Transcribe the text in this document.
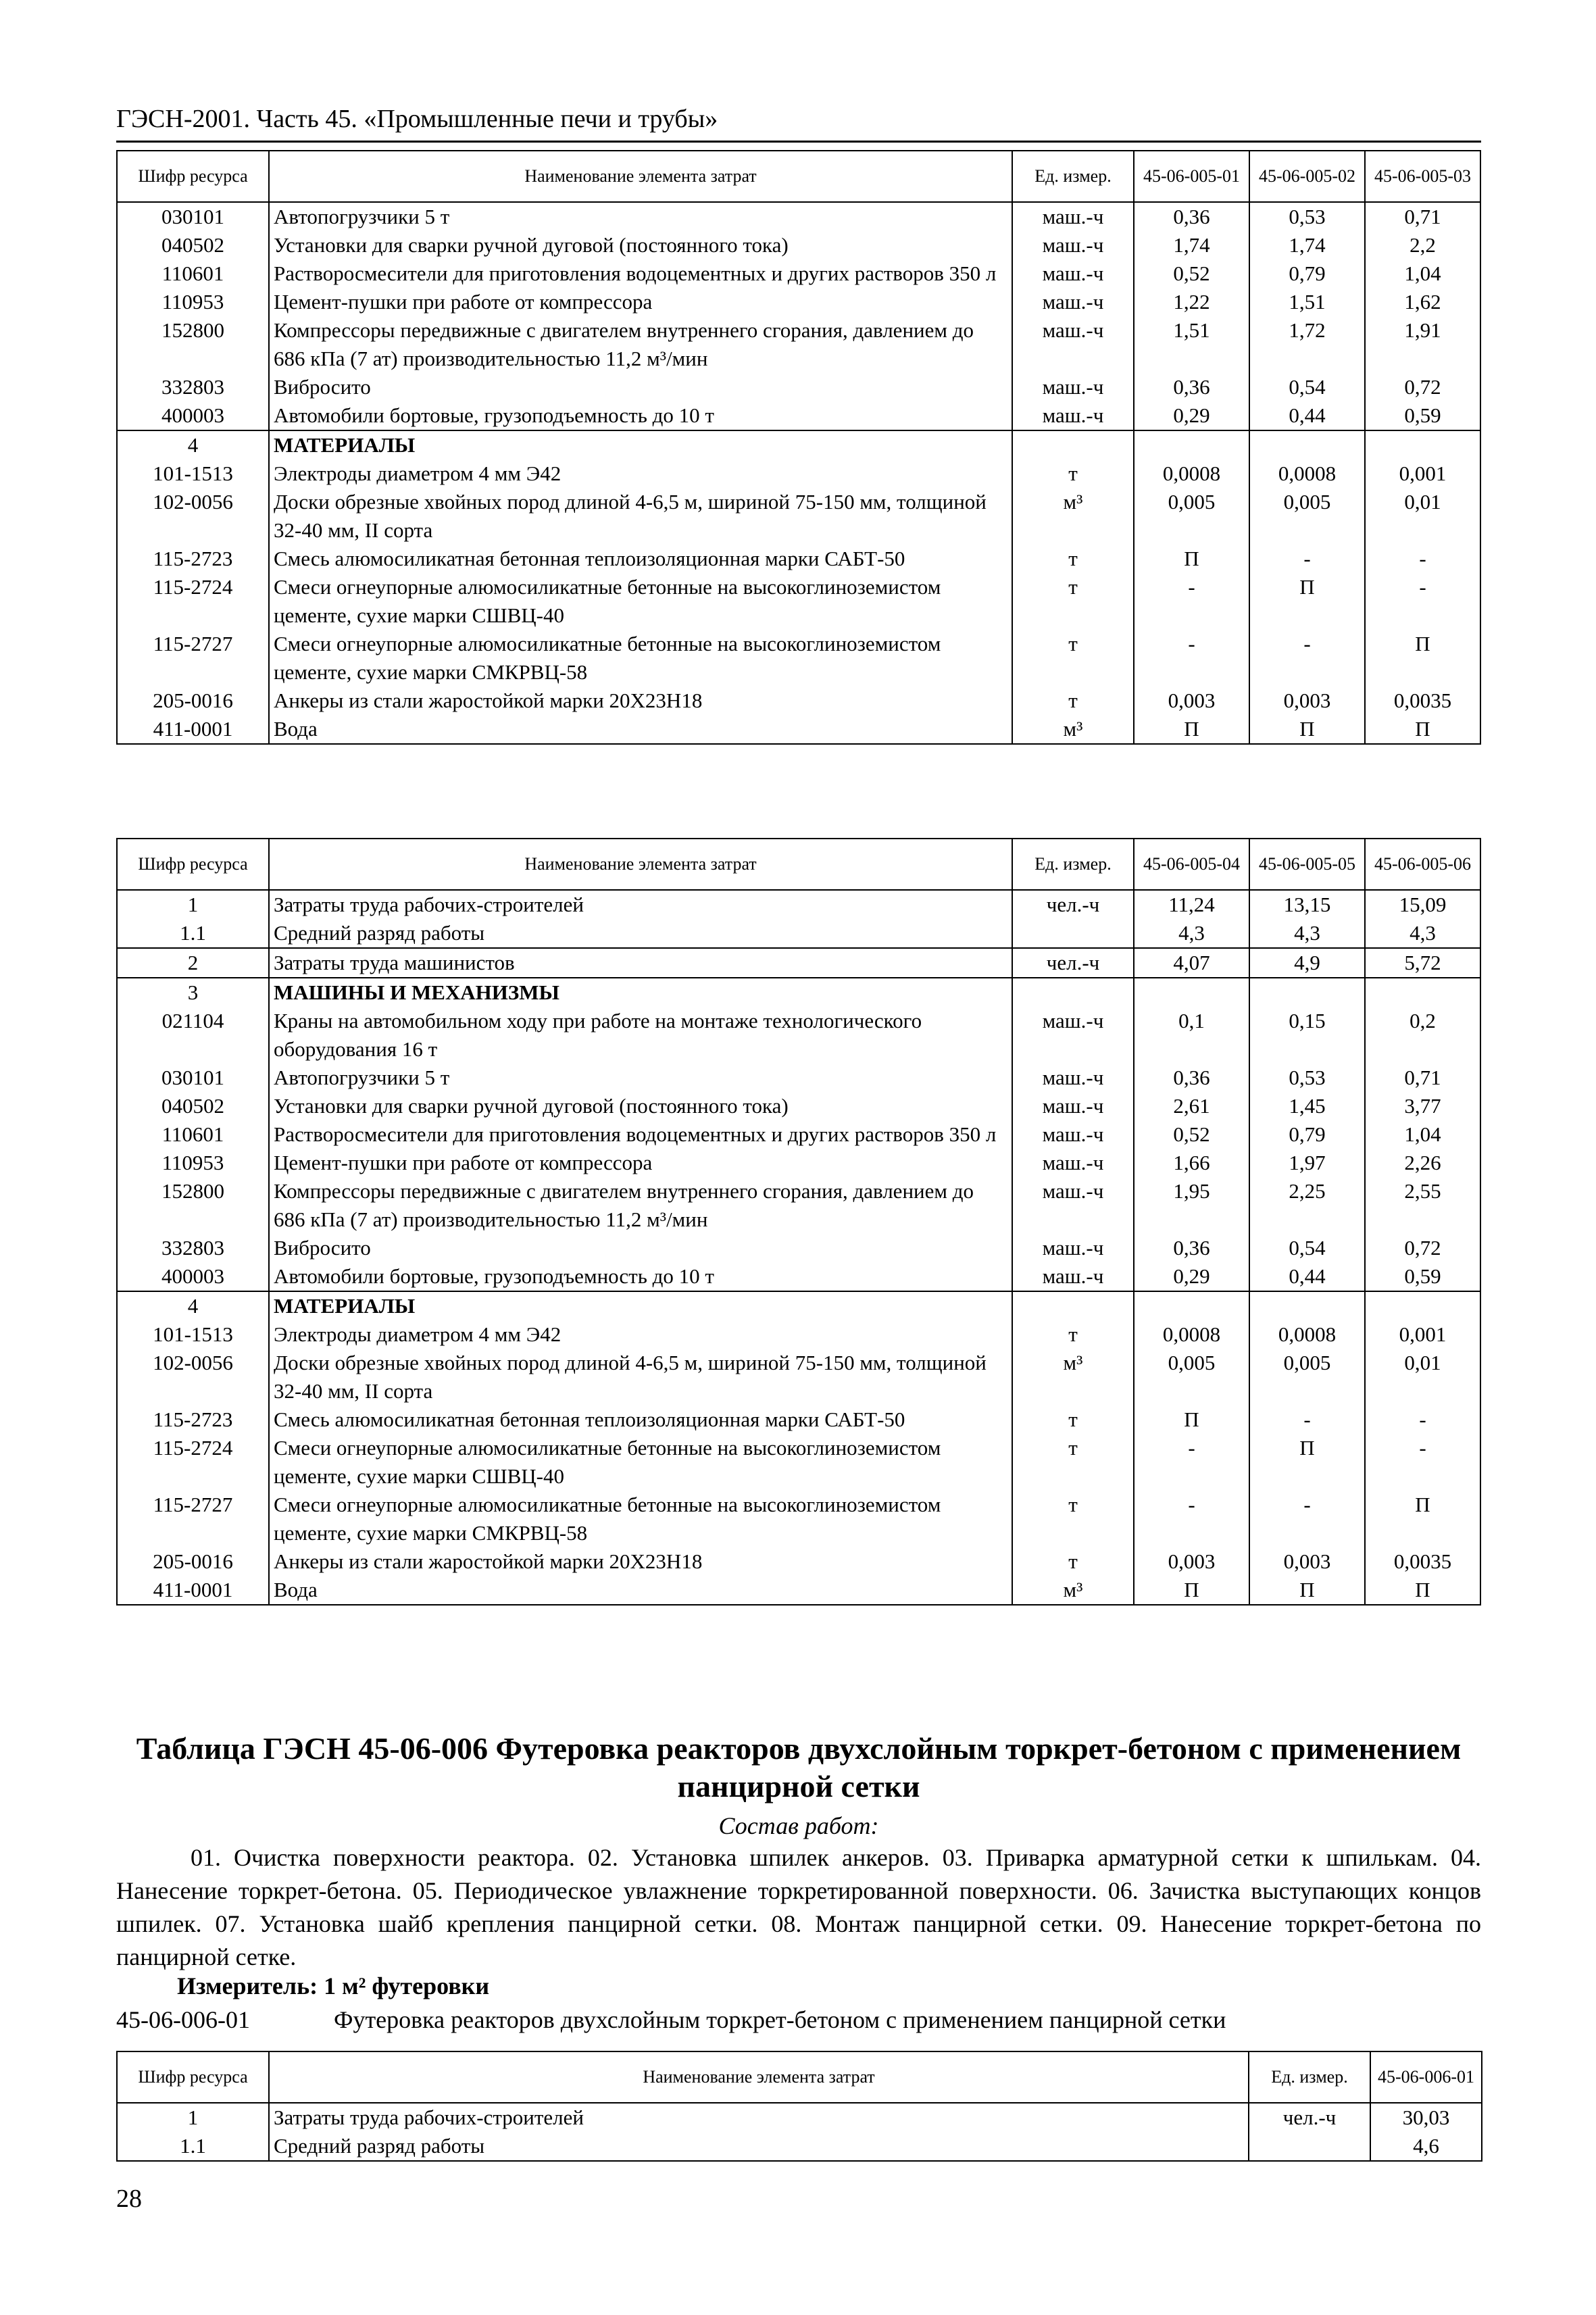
ГЭСН-2001. Часть 45. «Промышленные печи и трубы»
Шифр ресурса	Наименование элемента затрат	Ед. измер.	45-06-005-01	45-06-005-02	45-06-005-03
030101	Автопогрузчики 5 т	маш.-ч	0,36	0,53	0,71
040502	Установки для сварки ручной дуговой (постоянного тока)	маш.-ч	1,74	1,74	2,2
110601	Растворосмесители для приготовления водоцементных и других растворов 350 л	маш.-ч	0,52	0,79	1,04
110953	Цемент-пушки при работе от компрессора	маш.-ч	1,22	1,51	1,62
152800	Компрессоры передвижные с двигателем внутреннего сгорания, давлением до 686 кПа (7 ат) производительностью 11,2 м³/мин	маш.-ч	1,51	1,72	1,91
332803	Вибросито	маш.-ч	0,36	0,54	0,72
400003	Автомобили бортовые, грузоподъемность до 10 т	маш.-ч	0,29	0,44	0,59
4	МАТЕРИАЛЫ				
101-1513	Электроды диаметром 4 мм Э42	т	0,0008	0,0008	0,001
102-0056	Доски обрезные хвойных пород длиной 4-6,5 м, шириной 75-150 мм, толщиной 32-40 мм, II сорта	м³	0,005	0,005	0,01
115-2723	Смесь алюмосиликатная бетонная теплоизоляционная марки САБТ-50	т	П	-	-
115-2724	Смеси огнеупорные алюмосиликатные бетонные на высокоглиноземистом цементе, сухие марки СШВЦ-40	т	-	П	-
115-2727	Смеси огнеупорные алюмосиликатные бетонные на высокоглиноземистом цементе, сухие марки СМКРВЦ-58	т	-	-	П
205-0016	Анкеры из стали жаростойкой марки 20Х23Н18	т	0,003	0,003	0,0035
411-0001	Вода	м³	П	П	П
Шифр ресурса	Наименование элемента затрат	Ед. измер.	45-06-005-04	45-06-005-05	45-06-005-06
1	Затраты труда рабочих-строителей	чел.-ч	11,24	13,15	15,09
1.1	Средний разряд работы		4,3	4,3	4,3
2	Затраты труда машинистов	чел.-ч	4,07	4,9	5,72
3	МАШИНЫ И МЕХАНИЗМЫ				
021104	Краны на автомобильном ходу при работе на монтаже технологического оборудования 16 т	маш.-ч	0,1	0,15	0,2
030101	Автопогрузчики 5 т	маш.-ч	0,36	0,53	0,71
040502	Установки для сварки ручной дуговой (постоянного тока)	маш.-ч	2,61	1,45	3,77
110601	Растворосмесители для приготовления водоцементных и других растворов 350 л	маш.-ч	0,52	0,79	1,04
110953	Цемент-пушки при работе от компрессора	маш.-ч	1,66	1,97	2,26
152800	Компрессоры передвижные с двигателем внутреннего сгорания, давлением до 686 кПа (7 ат) производительностью 11,2 м³/мин	маш.-ч	1,95	2,25	2,55
332803	Вибросито	маш.-ч	0,36	0,54	0,72
400003	Автомобили бортовые, грузоподъемность до 10 т	маш.-ч	0,29	0,44	0,59
4	МАТЕРИАЛЫ				
101-1513	Электроды диаметром 4 мм Э42	т	0,0008	0,0008	0,001
102-0056	Доски обрезные хвойных пород длиной 4-6,5 м, шириной 75-150 мм, толщиной 32-40 мм, II сорта	м³	0,005	0,005	0,01
115-2723	Смесь алюмосиликатная бетонная теплоизоляционная марки САБТ-50	т	П	-	-
115-2724	Смеси огнеупорные алюмосиликатные бетонные на высокоглиноземистом цементе, сухие марки СШВЦ-40	т	-	П	-
115-2727	Смеси огнеупорные алюмосиликатные бетонные на высокоглиноземистом цементе, сухие марки СМКРВЦ-58	т	-	-	П
205-0016	Анкеры из стали жаростойкой марки 20Х23Н18	т	0,003	0,003	0,0035
411-0001	Вода	м³	П	П	П
Таблица ГЭСН 45-06-006 Футеровка реакторов двухслойным торкрет-бетоном с применением панцирной сетки
Состав работ:
01. Очистка поверхности реактора. 02. Установка шпилек анкеров. 03. Приварка арматурной сетки к шпилькам. 04. Нанесение торкрет-бетона. 05. Периодическое увлажнение торкретированной поверхности. 06. Зачистка выступающих концов шпилек. 07. Установка шайб крепления панцирной сетки. 08. Монтаж панцирной сетки. 09. Нанесение торкрет-бетона по панцирной сетке.
Измеритель: 1 м² футеровки
45-06-006-01	Футеровка реакторов двухслойным торкрет-бетоном с применением панцирной сетки
Шифр ресурса	Наименование элемента затрат	Ед. измер.	45-06-006-01
1	Затраты труда рабочих-строителей	чел.-ч	30,03
1.1	Средний разряд работы		4,6
28
